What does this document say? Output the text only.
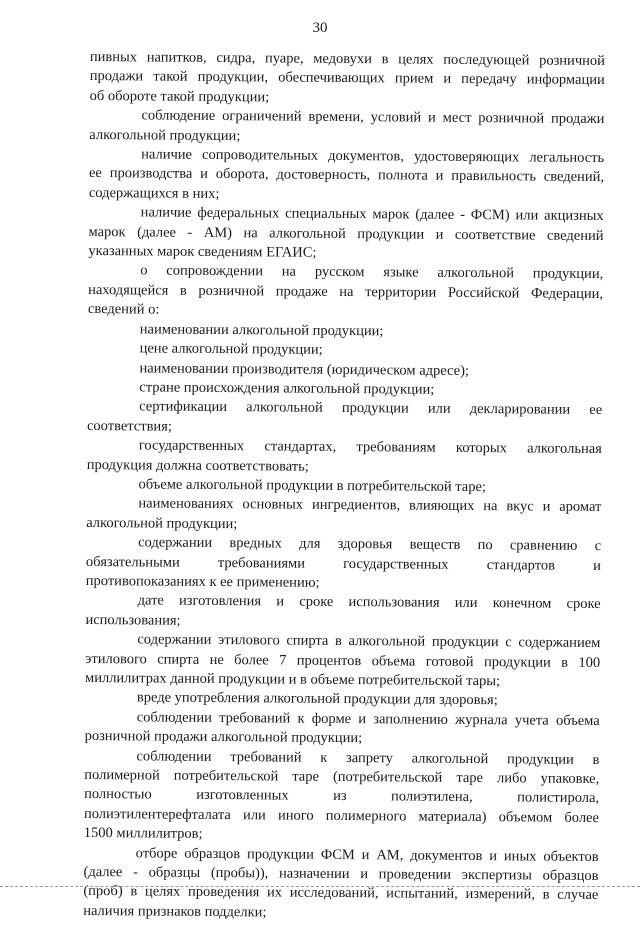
30

пивных напитков, сидра, пуаре, медовухи в целях последующей розничной
продажи такой продукции, обеспечивающих прием и передачу информации
об обороте такой продукции;

соблюдение ограничений времени, условий и мест розничной продажи
алкогольной продукции;

наличие сопроводительных документов, удостоверяющих легальность
ее производства и оборота, достоверность, полнота и правильность сведений,
содержащихся в них;

наличие федеральных специальных марок (далее - ФСМ) или акцизных
марок (далее - АМ) на алкогольной продукции и соответствие сведений
указанных марок сведениям ЕГАИС;

о сопровождении на русском языке алкогольной продукции,
находящейся в розничной продаже на территории Российской Федерации,
сведений о:

наименовании алкогольной продукции;

цене алкогольной продукции;

наименовании производителя (юридическом адресе);

стране происхождения алкогольной продукции;

сертификации алкогольной продукции или декларировании ее
соответствия;

государственных стандартах, требованиям которых алкогольная
продукция должна соответствовать;

объеме алкогольной продукции в потребительской таре;

наименованиях основных ингредиентов, влияющих на вкус и аромат
алкогольной продукции;

содержании вредных для здоровья веществ по сравнению с
обязательными требованиями государственных стандартов и
противопоказаниях к ее применению;

дате изготовления и сроке использования или конечном сроке
использования;

содержании этилового спирта в алкогольной продукции с содержанием
этилового спирта не более 7 процентов объема готовой продукции в 100
миллилитрах данной продукции и в объеме потребительской тары;

вреде употребления алкогольной продукции для здоровья;

соблюдении требований к форме и заполнению журнала учета объема
розничной продажи алкогольной продукции;

соблюдении требований к запрету алкогольной продукции в
полимерной потребительской таре (потребительской таре либо упаковке,
полностью изготовленных из полиэтилена, полистирола,
полиэтилентерефталата или иного полимерного материала) объемом более
1500 миллилитров;

отборе образцов продукции ФСМ и АМ, документов и иных объектов
(далее - образцы (пробы)), назначении и проведении экспертизы образцов
(проб) в целях проведения их исследований, испытаний, измерений, в случае
наличия признаков подделки;
